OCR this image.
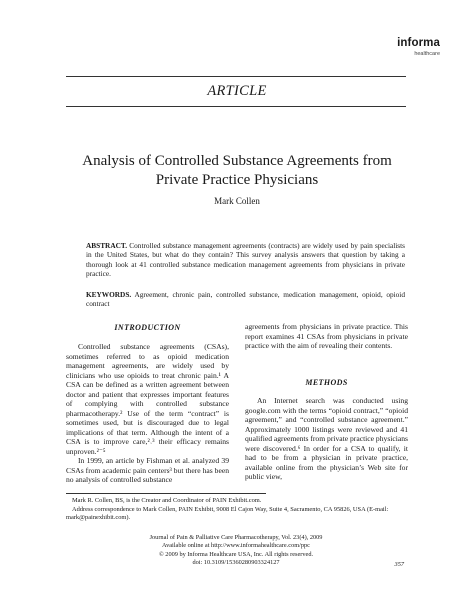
informa
healthcare
ARTICLE
Analysis of Controlled Substance Agreements from Private Practice Physicians
Mark Collen
ABSTRACT. Controlled substance management agreements (contracts) are widely used by pain specialists in the United States, but what do they contain? This survey analysis answers that question by taking a thorough look at 41 controlled substance medication management agreements from physicians in private practice.
KEYWORDS. Agreement, chronic pain, controlled substance, medication management, opioid, opioid contract
INTRODUCTION

Controlled substance agreements (CSAs), sometimes referred to as opioid medication management agreements, are widely used by clinicians who use opioids to treat chronic pain.¹ A CSA can be defined as a written agreement between doctor and patient that expresses important features of complying with controlled substance pharmacotherapy.² Use of the term “contract” is sometimes used, but is discouraged due to legal implications of that term. Although the intent of a CSA is to improve care,²˒³ their efficacy remains unproven.²⁻⁵

In 1999, an article by Fishman et al. analyzed 39 CSAs from academic pain centers³ but there has been no analysis of controlled substance

agreements from physicians in private practice. This report examines 41 CSAs from physicians in private practice with the aim of revealing their contents.

METHODS

An Internet search was conducted using google.com with the terms “opioid contract,” “opioid agreement,” and “controlled substance agreement.” Approximately 1000 listings were reviewed and 41 qualified agreements from private practice physicians were discovered.⁶ In order for a CSA to qualify, it had to be from a physician in private practice, available online from the physician’s Web site for public view,

Mark R. Collen, BS, is the Creator and Coordinator of PAIN Exhibit.com.

Address correspondence to Mark Collen, PAIN Exhibit, 9008 El Cajon Way, Suite 4, Sacramento, CA 95826, USA (E-mail: mark@painexhibit.com).

Journal of Pain & Palliative Care Pharmacotherapy, Vol. 23(4), 2009
Available online at http://www.informahealthcare.com/ppc
© 2009 by Informa Healthcare USA, Inc. All rights reserved.
doi: 10.3109/15360280903324127	357
